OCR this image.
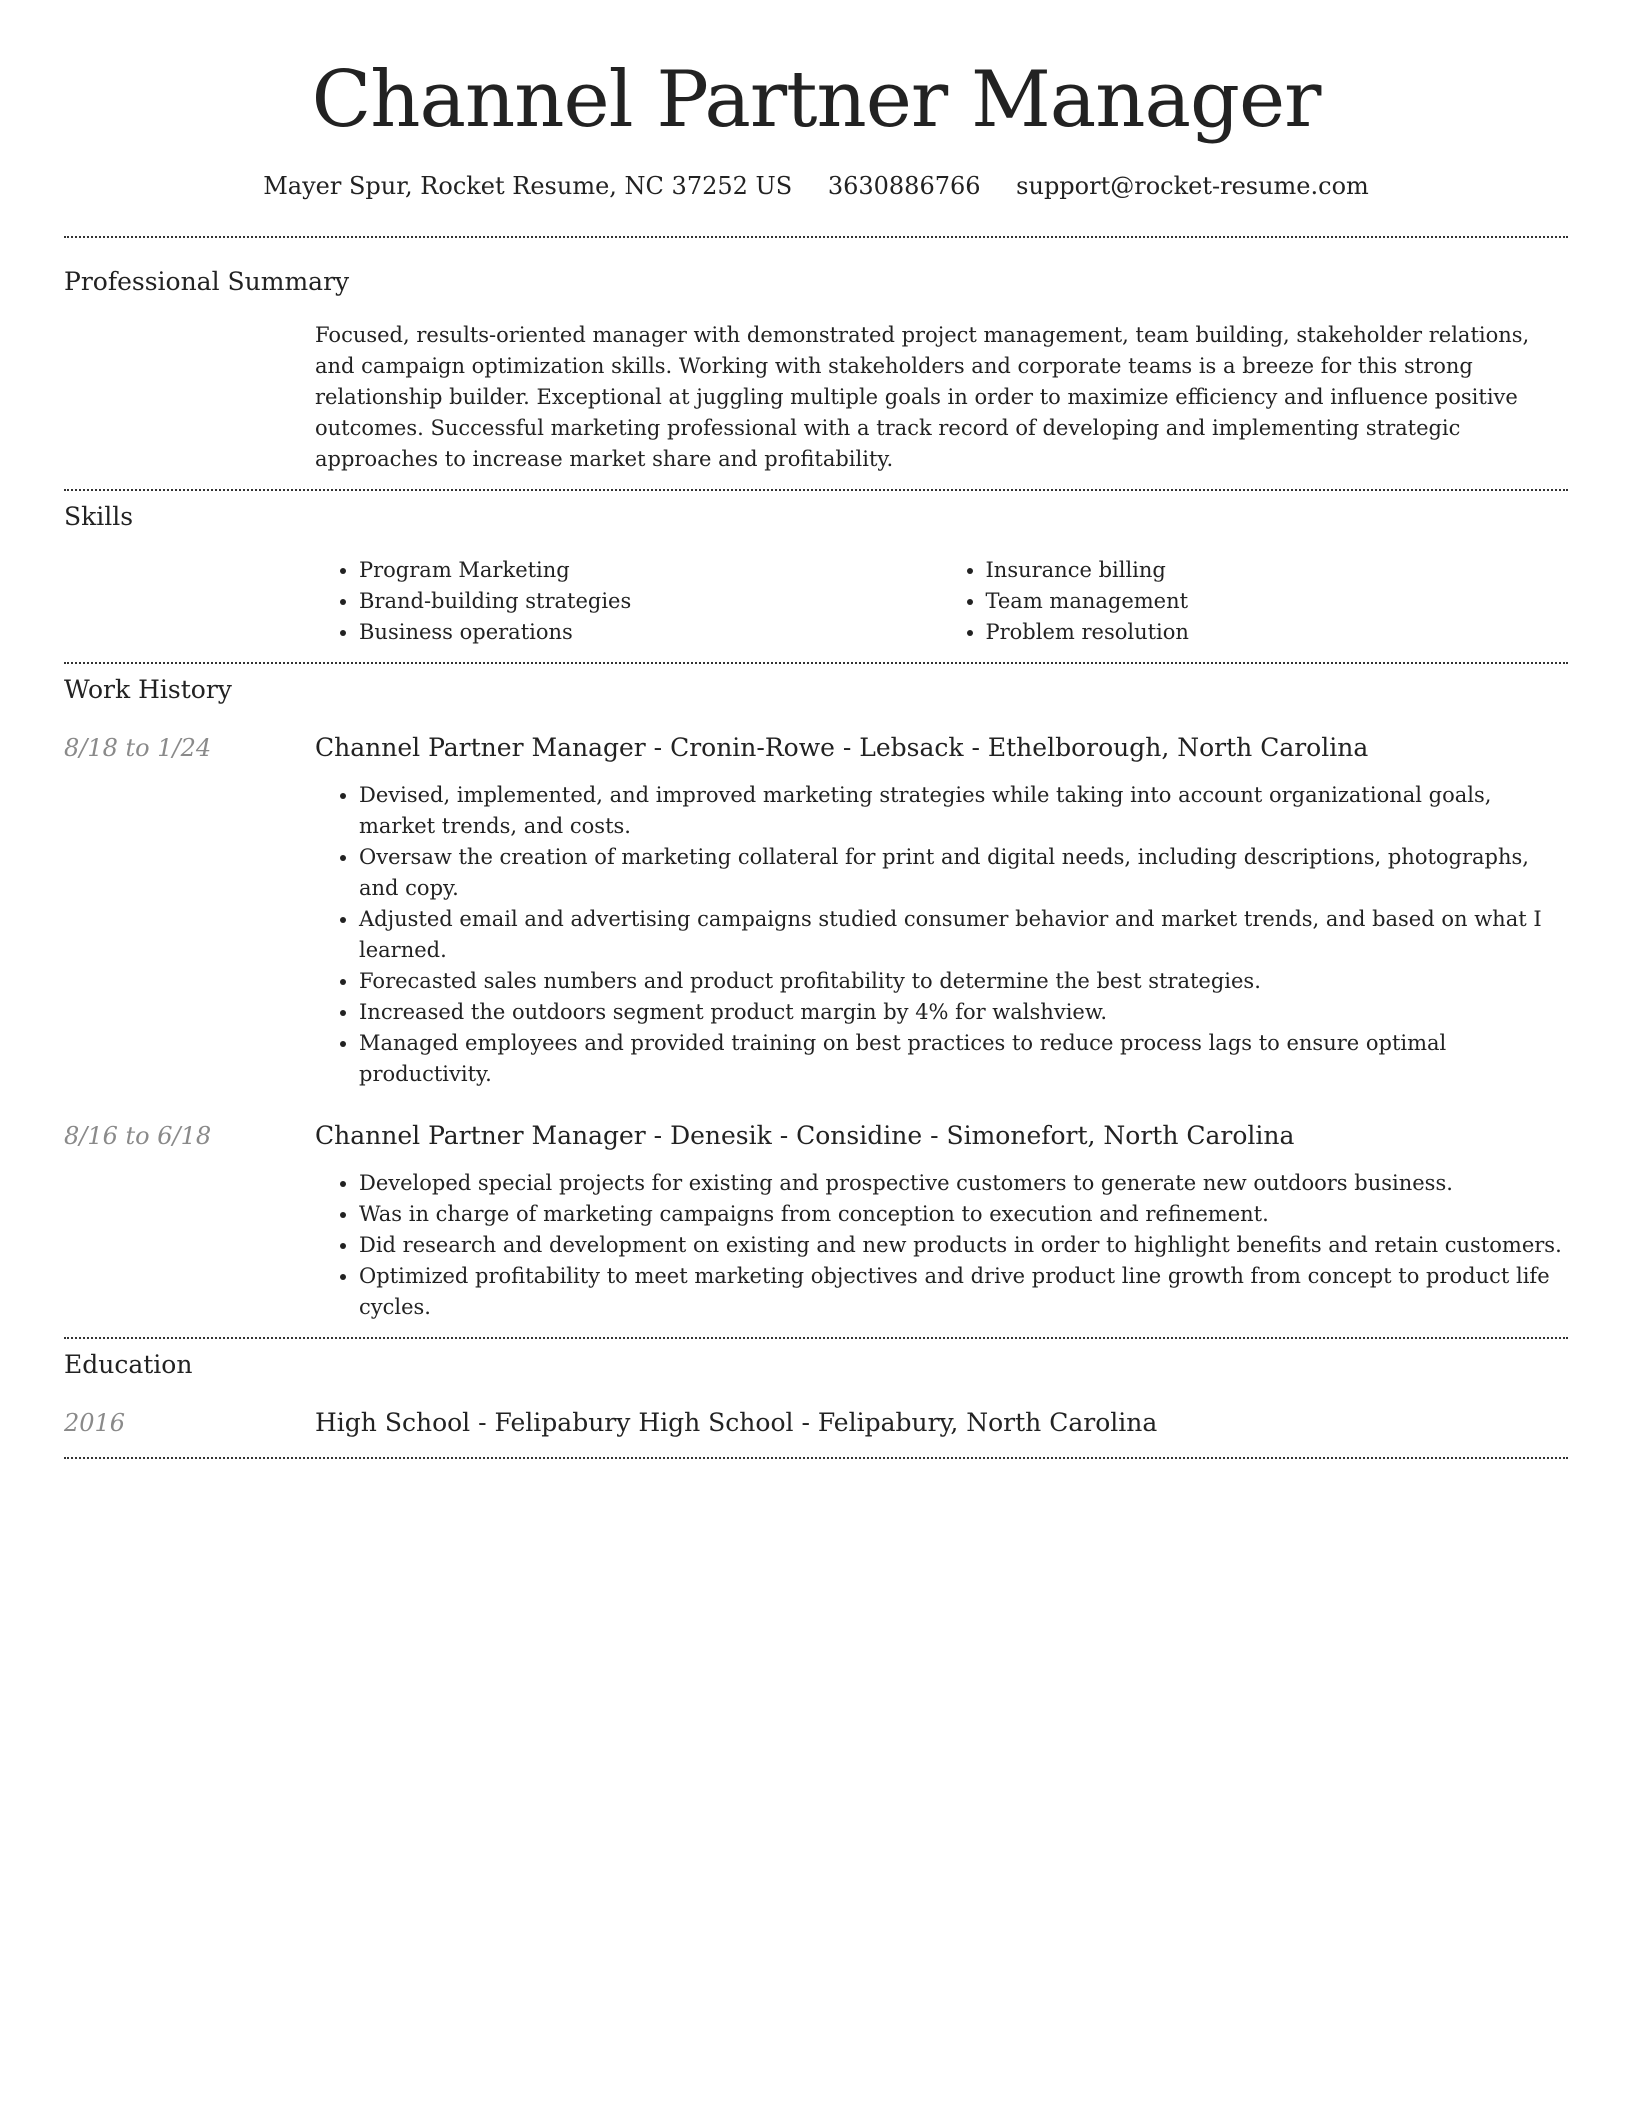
Channel Partner Manager
Mayer Spur, Rocket Resume, NC 37252 US 3630886766 support@rocket-resume.com
Professional Summary

Focused, results-oriented manager with demonstrated project management, team building, stakeholder relations, and campaign optimization skills. Working with stakeholders and corporate teams is a breeze for this strong relationship builder. Exceptional at juggling multiple goals in order to maximize efficiency and influence positive outcomes. Successful marketing professional with a track record of developing and implementing strategic approaches to increase market share and profitability.

Skills
• Program Marketing
• Brand-building strategies
• Business operations
• Insurance billing
• Team management
• Problem resolution
Work History
8/18 to 1/24	Channel Partner Manager - Cronin-Rowe - Lebsack - Ethelborough, North Carolina
• Devised, implemented, and improved marketing strategies while taking into account organizational goals, market trends, and costs.
• Oversaw the creation of marketing collateral for print and digital needs, including descriptions, photographs, and copy.
• Adjusted email and advertising campaigns studied consumer behavior and market trends, and based on what I learned.
• Forecasted sales numbers and product profitability to determine the best strategies.
• Increased the outdoors segment product margin by 4% for walshview.
• Managed employees and provided training on best practices to reduce process lags to ensure optimal productivity.
8/16 to 6/18	Channel Partner Manager - Denesik - Considine - Simonefort, North Carolina
• Developed special projects for existing and prospective customers to generate new outdoors business.
• Was in charge of marketing campaigns from conception to execution and refinement.
• Did research and development on existing and new products in order to highlight benefits and retain customers.
• Optimized profitability to meet marketing objectives and drive product line growth from concept to product life cycles.
Education
2016	High School - Felipabury High School - Felipabury, North Carolina
